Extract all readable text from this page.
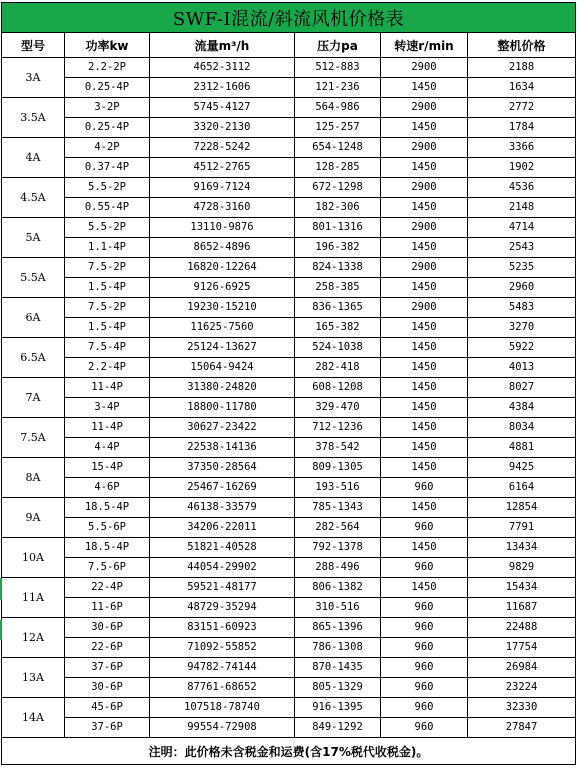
SWF-I混流/斜流风机价格表					
型号	功率kw	流量m³/h	压力pa	转速r/min	整机价格
3A	2.2-2P	4652-3112	512-883	2900	2188
	0.25-4P	2312-1606	121-236	1450	1634
3.5A	3-2P	5745-4127	564-986	2900	2772
	0.25-4P	3320-2130	125-257	1450	1784
4A	4-2P	7228-5242	654-1248	2900	3366
	0.37-4P	4512-2765	128-285	1450	1902
4.5A	5.5-2P	9169-7124	672-1298	2900	4536
	0.55-4P	4728-3160	182-306	1450	2148
5A	5.5-2P	13110-9876	801-1316	2900	4714
	1.1-4P	8652-4896	196-382	1450	2543
5.5A	7.5-2P	16820-12264	824-1338	2900	5235
	1.5-4P	9126-6925	258-385	1450	2960
6A	7.5-2P	19230-15210	836-1365	2900	5483
	1.5-4P	11625-7560	165-382	1450	3270
6.5A	7.5-4P	25124-13627	524-1038	1450	5922
	2.2-4P	15064-9424	282-418	1450	4013
7A	11-4P	31380-24820	608-1208	1450	8027
	3-4P	18800-11780	329-470	1450	4384
7.5A	11-4P	30627-23422	712-1236	1450	8034
	4-4P	22538-14136	378-542	1450	4881
8A	15-4P	37350-28564	809-1305	1450	9425
	4-6P	25467-16269	193-516	960	6164
9A	18.5-4P	46138-33579	785-1343	1450	12854
	5.5-6P	34206-22011	282-564	960	7791
10A	18.5-4P	51821-40528	792-1378	1450	13434
	7.5-6P	44054-29902	288-496	960	9829
11A	22-4P	59521-48177	806-1382	1450	15434
	11-6P	48729-35294	310-516	960	11687
12A	30-6P	83151-60923	865-1396	960	22488
	22-6P	71092-55852	786-1308	960	17754
13A	37-6P	94782-74144	870-1435	960	26984
	30-6P	87761-68652	805-1329	960	23224
14A	45-6P	107518-78740	916-1395	960	32330
	37-6P	99554-72908	849-1292	960	27847
注明：此价格未含税金和运费(含17%税代收税金)。					
